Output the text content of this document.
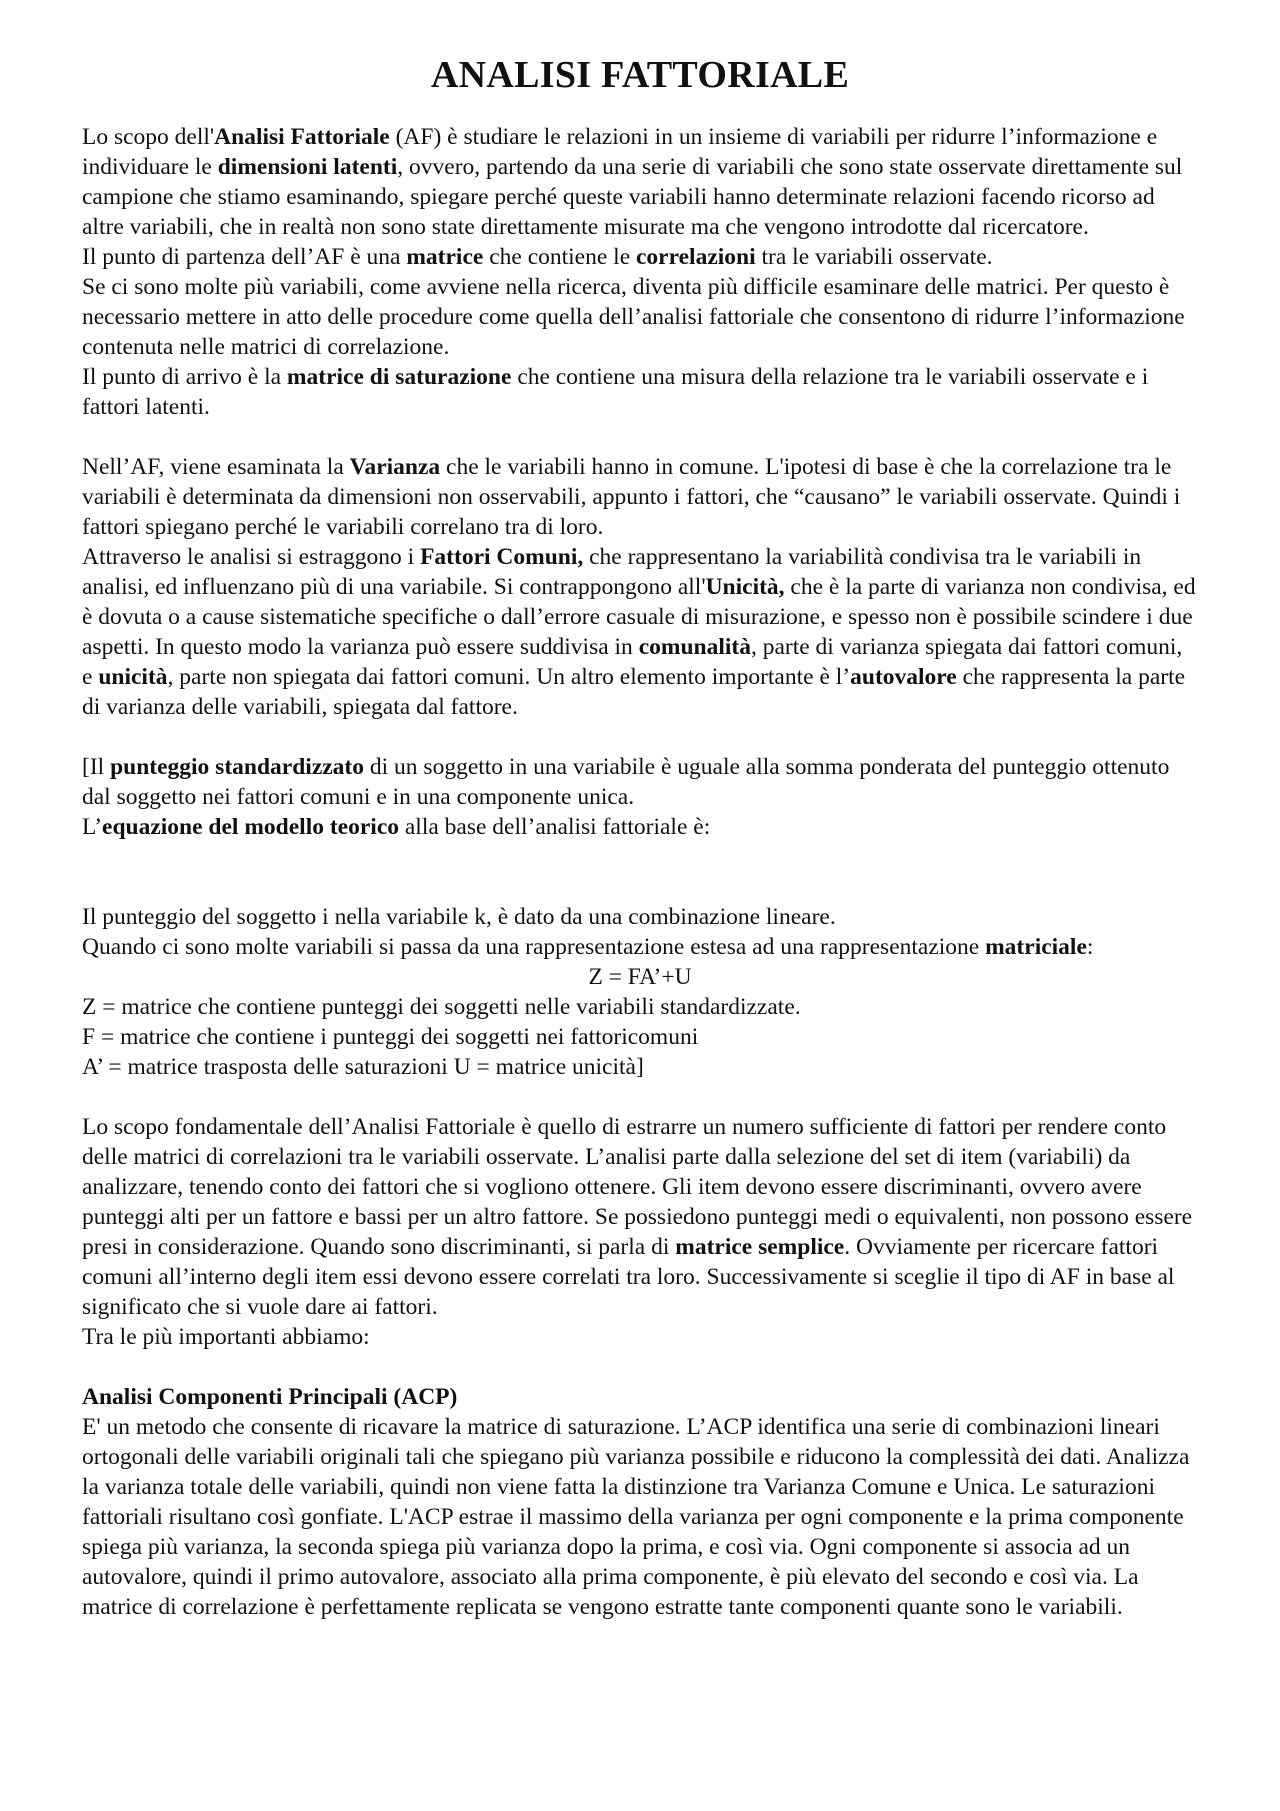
ANALISI FATTORIALE

Lo scopo dell'Analisi Fattoriale (AF) è studiare le relazioni in un insieme di variabili per ridurre l’informazione e individuare le dimensioni latenti, ovvero, partendo da una serie di variabili che sono state osservate direttamente sul campione che stiamo esaminando, spiegare perché queste variabili hanno determinate relazioni facendo ricorso ad altre variabili, che in realtà non sono state direttamente misurate ma che vengono introdotte dal ricercatore.

Il punto di partenza dell’AF è una matrice che contiene le correlazioni tra le variabili osservate.

Se ci sono molte più variabili, come avviene nella ricerca, diventa più difficile esaminare delle matrici. Per questo è necessario mettere in atto delle procedure come quella dell’analisi fattoriale che consentono di ridurre l’informazione contenuta nelle matrici di correlazione.

Il punto di arrivo è la matrice di saturazione che contiene una misura della relazione tra le variabili osservate e i fattori latenti.

Nell’AF, viene esaminata la Varianza che le variabili hanno in comune. L'ipotesi di base è che la correlazione tra le variabili è determinata da dimensioni non osservabili, appunto i fattori, che “causano” le variabili osservate. Quindi i fattori spiegano perché le variabili correlano tra di loro.

Attraverso le analisi si estraggono i Fattori Comuni, che rappresentano la variabilità condivisa tra le variabili in analisi, ed influenzano più di una variabile. Si contrappongono all'Unicità, che è la parte di varianza non condivisa, ed è dovuta o a cause sistematiche specifiche o dall’errore casuale di misurazione, e spesso non è possibile scindere i due aspetti. In questo modo la varianza può essere suddivisa in comunalità, parte di varianza spiegata dai fattori comuni, e unicità, parte non spiegata dai fattori comuni. Un altro elemento importante è l’autovalore che rappresenta la parte di varianza delle variabili, spiegata dal fattore.

[Il punteggio standardizzato di un soggetto in una variabile è uguale alla somma ponderata del punteggio ottenuto dal soggetto nei fattori comuni e in una componente unica.

L’equazione del modello teorico alla base dell’analisi fattoriale è:

Il punteggio del soggetto i nella variabile k, è dato da una combinazione lineare.

Quando ci sono molte variabili si passa da una rappresentazione estesa ad una rappresentazione matriciale:

Z = FA’+U

Z = matrice che contiene punteggi dei soggetti nelle variabili standardizzate.

F = matrice che contiene i punteggi dei soggetti nei fattoricomuni

A’ = matrice trasposta delle saturazioni U = matrice unicità]

Lo scopo fondamentale dell’Analisi Fattoriale è quello di estrarre un numero sufficiente di fattori per rendere conto delle matrici di correlazioni tra le variabili osservate. L’analisi parte dalla selezione del set di item (variabili) da analizzare, tenendo conto dei fattori che si vogliono ottenere. Gli item devono essere discriminanti, ovvero avere punteggi alti per un fattore e bassi per un altro fattore. Se possiedono punteggi medi o equivalenti, non possono essere presi in considerazione. Quando sono discriminanti, si parla di matrice semplice. Ovviamente per ricercare fattori comuni all’interno degli item essi devono essere correlati tra loro. Successivamente si sceglie il tipo di AF in base al significato che si vuole dare ai fattori.

Tra le più importanti abbiamo:

Analisi Componenti Principali (ACP)

E' un metodo che consente di ricavare la matrice di saturazione. L’ACP identifica una serie di combinazioni lineari ortogonali delle variabili originali tali che spiegano più varianza possibile e riducono la complessità dei dati. Analizza la varianza totale delle variabili, quindi non viene fatta la distinzione tra Varianza Comune e Unica. Le saturazioni fattoriali risultano così gonfiate. L'ACP estrae il massimo della varianza per ogni componente e la prima componente spiega più varianza, la seconda spiega più varianza dopo la prima, e così via. Ogni componente si associa ad un autovalore, quindi il primo autovalore, associato alla prima componente, è più elevato del secondo e così via. La matrice di correlazione è perfettamente replicata se vengono estratte tante componenti quante sono le variabili.
